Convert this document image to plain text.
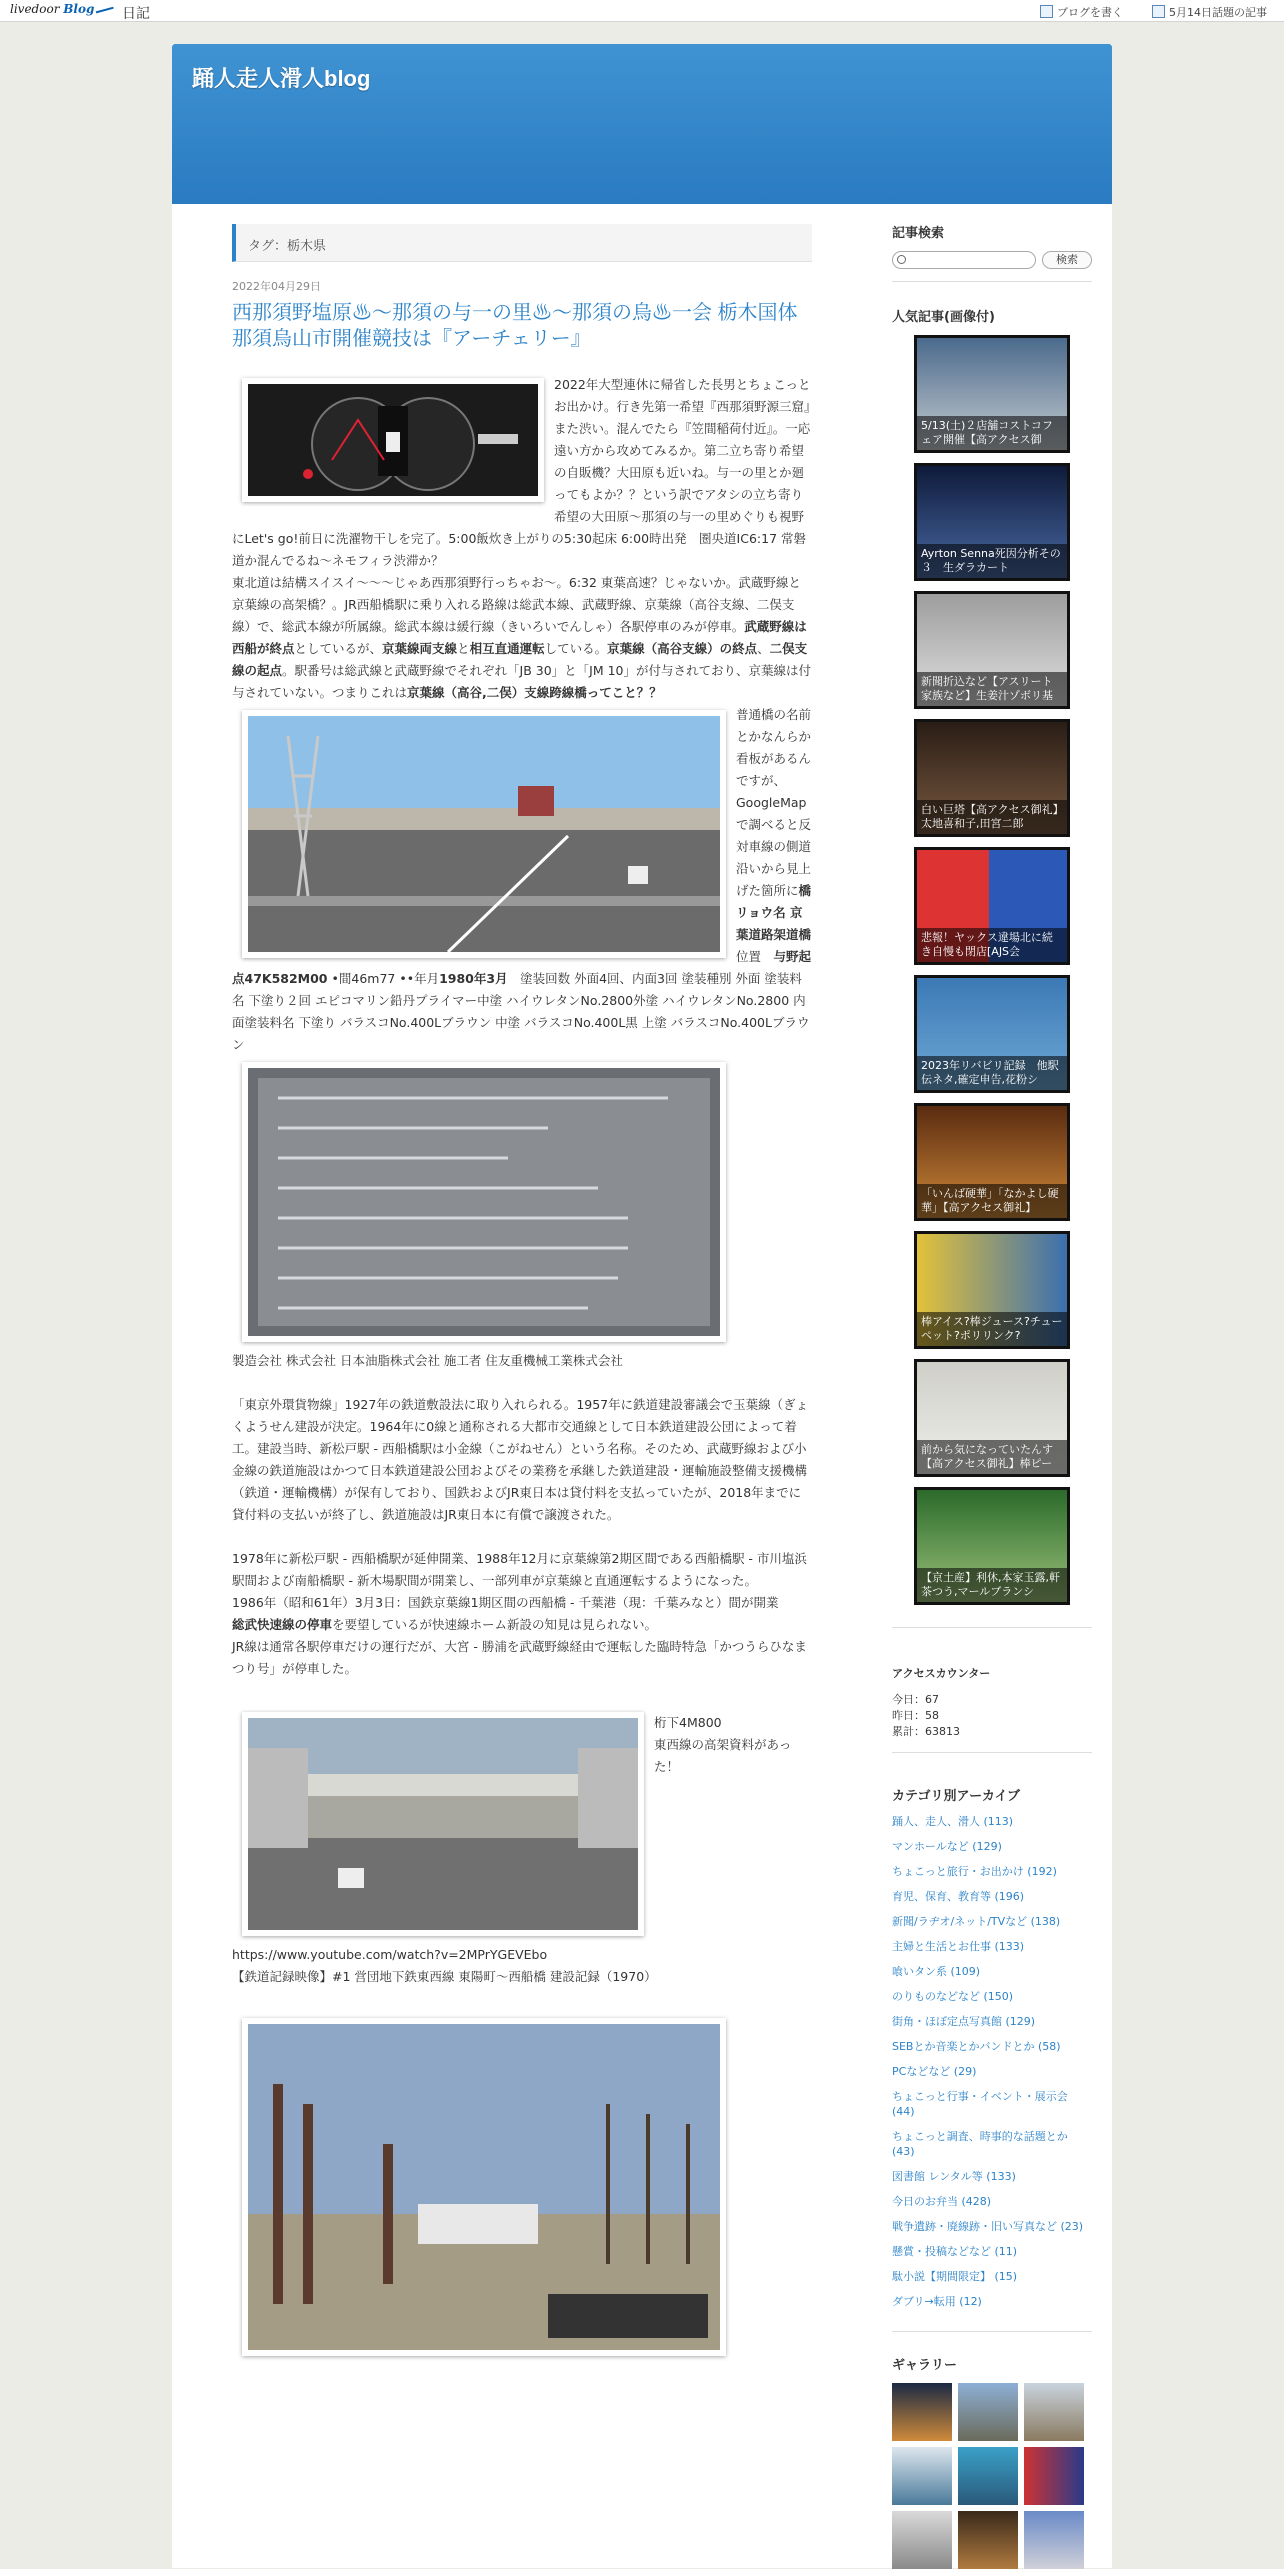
livedoor Blog	日記	ブログを書く	5月14日話題の記事
踊人走人滑人blog
タグ：栃木県
2022年04月29日
西那須野塩原♨〜那須の与一の里♨〜那須の烏♨一会 栃木国体 那須烏山市開催競技は『アーチェリー』

2022年大型連休に帰省した長男とちょこっとお出かけ。行き先第一希望『西那須野源三窟』また渋い。混んでたら『笠間稲荷付近』。一応遠い方から攻めてみるか。第二立ち寄り希望の自販機？大田原も近いね。与一の里とか廻ってもよか？？という訳でアタシの立ち寄り希望の大田原〜那須の与一の里めぐりも視野にLet's go!前日に洗濯物干しを完了。5:00飯炊き上がりの5:30起床 6:00時出発　圏央道IC6:17 常磐道か混んでるね〜ネモフィラ渋滞か？

東北道は結構スイスイ〜〜〜じゃあ西那須野行っちゃお〜。6:32 東葉高速？じゃないか。武蔵野線と京葉線の高架橋？。JR西船橋駅に乗り入れる路線は総武本線、武蔵野線、京葉線（高谷支線、二俣支線）で、総武本線が所属線。総武本線は緩行線（きいろいでんしゃ）各駅停車のみが停車。武蔵野線は西船が終点としているが、京葉線両支線と相互直通運転している。京葉線（高谷支線）の終点、二俣支線の起点。駅番号は総武線と武蔵野線でそれぞれ「JB 30」と「JM 10」が付与されており、京葉線は付与されていない。つまりこれは京葉線（高谷,二俣）支線跨線橋ってこと？？

普通橋の名前とかなんらか看板があるんですが、GoogleMapで調べると反対車線の側道沿いから見上げた箇所に橋リョウ名 京葉道路架道橋　位置　 与野起点47K582M00 •間46m77 ••年月1980年3月　 塗装回数 外面4回、内面3回 塗装種別 外面 塗装料名 下塗り２回 エピコマリン鉛丹プライマー中塗 ハイウレタンNo.2800外塗 ハイウレタンNo.2800 内面塗装料名 下塗り バラスコNo.400Lブラウン 中塗 バラスコNo.400L黒 上塗 バラスコNo.400Lブラウン

製造会社 株式会社 日本油脂株式会社 施工者 住友重機械工業株式会社

「東京外環貨物線」1927年の鉄道敷設法に取り入れられる。1957年に鉄道建設審議会で玉葉線（ぎょくようせん建設が決定。1964年に0線と通称される大都市交通線として日本鉄道建設公団によって着工。建設当時、新松戸駅 - 西船橋駅は小金線（こがねせん）という名称。そのため、武蔵野線および小金線の鉄道施設はかつて日本鉄道建設公団およびその業務を承継した鉄道建設・運輸施設整備支援機構（鉄道・運輸機構）が保有しており、国鉄およびJR東日本は貸付料を支払っていたが、2018年までに貸付料の支払いが終了し、鉄道施設はJR東日本に有償で譲渡された。

1978年に新松戸駅 - 西船橋駅が延伸開業、1988年12月に京葉線第2期区間である西船橋駅 - 市川塩浜駅間および南船橋駅 - 新木場駅間が開業し、一部列車が京葉線と直通運転するようになった。

1986年（昭和61年）3月3日：国鉄京葉線1期区間の西船橋 - 千葉港（現：千葉みなと）間が開業

総武快速線の停車を要望しているが快速線ホーム新設の知見は見られない。

JR線は通常各駅停車だけの運行だが、大宮 - 勝浦を武蔵野線経由で運転した臨時特急「かつうらひなまつり号」が停車した。

桁下4M800
東西線の高架資料があった！
https://www.youtube.com/watch?v=2MPrYGEVEbo
【鉄道記録映像】#1 営団地下鉄東西線 東陽町〜西船橋 建設記録（1970）

記事検索
検索
人気記事(画像付)
5/13(土)２店舗コストコフェア開催【高アクセス御
Ayrton Senna死因分析その３　生ダラカート
新聞折込など【アスリート家族など】生姜汁ゾボリ基
白い巨塔【高アクセス御礼】太地喜和子,田宮二郎
悲報！ヤックス違場北に続き自慢も閉店[AJS会
2023年リバビリ記録　他駅伝ネタ,確定申告,花粉シ
「いんば硬華」「なかよし硬華」【高アクセス御礼】
棒アイス?棒ジュース?チューペット?ポリリンク?
前から気になっていたんす【高アクセス御礼】棒ピー
【京土産】利休,本家玉露,軒茶つう,マールブランシ
アクセスカウンター
今日：67
昨日：58
累計：63813
カテゴリ別アーカイブ
踊人、走人、滑人 (113)
マンホールなど (129)
ちょこっと旅行・お出かけ (192)
育児、保育、教育等 (196)
新聞/ラヂオ/ネット/TVなど (138)
主婦と生活とお仕事 (133)
喰いタン系 (109)
のりものなどなど (150)
街角・ほぼ定点写真館 (129)
SEBとか音楽とかバンドとか (58)
PCなどなど (29)
ちょこっと行事・イベント・展示会 (44)
ちょこっと調査、時事的な話題とか (43)
図書館 レンタル等 (133)
今日のお弁当 (428)
戦争遺跡・廃線跡・旧い写真など (23)
懸賞・投稿などなど (11)
駄小説【期間限定】 (15)
ダブリ→転用 (12)
ギャラリー
